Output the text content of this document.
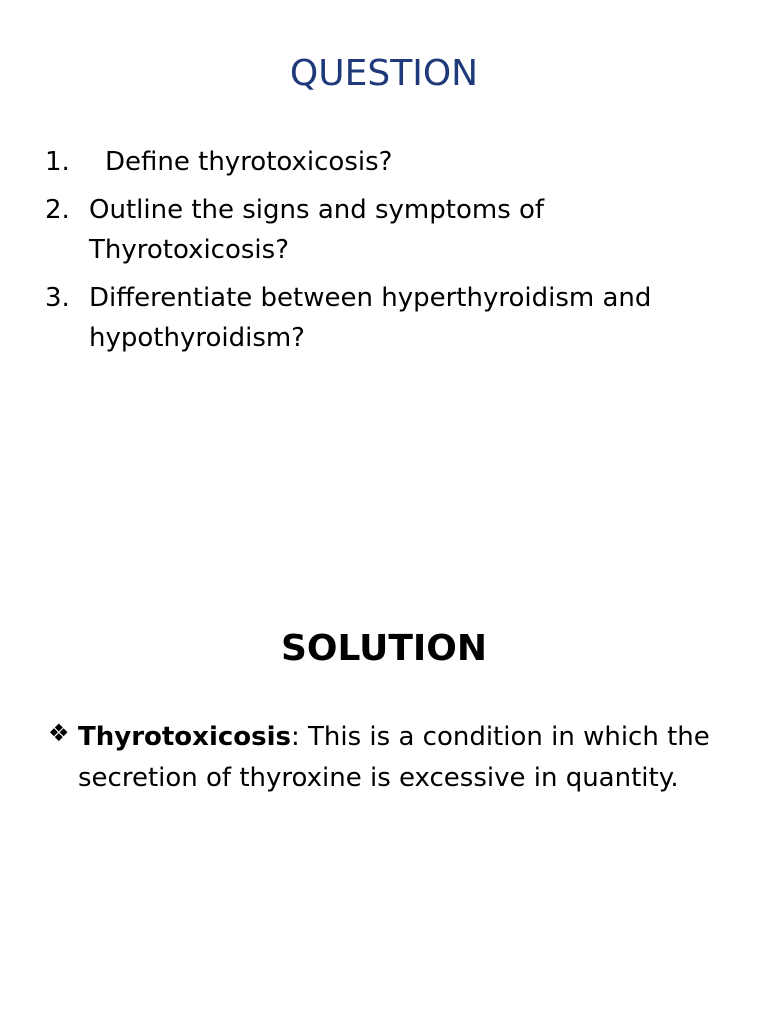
QUESTION
1. Define thyrotoxicosis?
2. Outline the signs and symptoms of Thyrotoxicosis?
3. Differentiate between hyperthyroidism and hypothyroidism?
SOLUTION
❖ Thyrotoxicosis: This is a condition in which the secretion of thyroxine is excessive in quantity.
